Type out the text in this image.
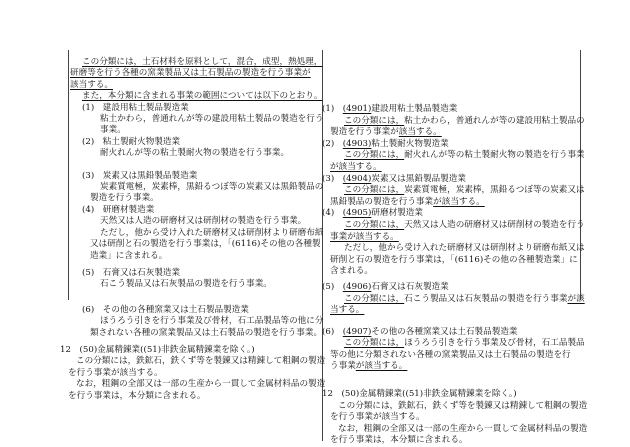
この分類には，土石材料を原料として，混合，成型，熱処理，

研磨等を行う各種の窯業製品又は土石製品の製造を行う事業が

該当する。

また，本分類に含まれる事業の範囲については以下のとおり。

(1)　建設用粘土製品製造業

粘土かわら，普通れんが等の建設用粘土製品の製造を行う

事業。

(2)　粘土製耐火物製造業

耐火れんが等の粘土製耐火物の製造を行う事業。

(3)　炭素又は黒鉛製品製造業

炭素質電極，炭素棒，黒鉛るつぼ等の炭素又は黒鉛製品の

製造を行う事業。

(4)　研磨材製造業

天然又は人造の研磨材又は研削材の製造を行う事業。

ただし，他から受け入れた研磨材又は研削材より研磨布紙

又は研削と石の製造を行う事業は，「(6116)その他の各種製

造業」に含まれる。

(5)　石膏又は石灰製造業

石こう製品又は石灰製品の製造を行う事業。

(6)　その他の各種窯業又は土石製品製造業

ほうろう引きを行う事業及び骨材，石工品製品等の他に分

類されない各種の窯業製品又は土石製品の製造を行う事業。

12　(50)金属精錬業((51)非鉄金属精錬業を除く。)

この分類には，鉄鉱石，鉄くず等を製錬又は精錬して粗鋼の製造

を行う事業が該当する。

なお，粗鋼の全部又は一部の生産から一貫して金属材料品の製造

を行う事業は，本分類に含まれる。

(1)　 (4901)建設用粘土製品製造業

この分類には，粘土かわら，普通れんが等の建設用粘土製品の

製造を行う事業が該当する。

(2)　 (4903)粘土製耐火物製造業

この分類には，耐火れんが等の粘土製耐火物の製造を行う事業

が該当する。

(3)　 (4904)炭素又は黒鉛製品製造業

この分類には，炭素質電極，炭素棒，黒鉛るつぼ等の炭素又は

黒鉛製品の製造を行う事業が該当する。

(4)　 (4905)研磨材製造業

この分類には，天然又は人造の研磨材又は研削材の製造を行う

事業が該当する。

ただし，他から受け入れた研磨材又は研削材より研磨布紙又は

研削と石の製造を行う事業は，「(6116)その他の各種製造業」に

含まれる。

(5)　 (4906)石膏又は石灰製造業

この分類には，石こう製品又は石灰製品の製造を行う事業が該

当する。

(6)　 (4907)その他の各種窯業又は土石製品製造業

この分類には，ほうろう引きを行う事業及び骨材，石工品製品

等の他に分類されない各種の窯業製品又は土石製品の製造を行

う事業が該当する。

12　(50)金属精錬業((51)非鉄金属精錬業を除く。)

この分類には，鉄鉱石，鉄くず等を製錬又は精錬して粗鋼の製造

を行う事業が該当する。

なお，粗鋼の全部又は一部の生産から一貫して金属材料品の製造

を行う事業は，本分類に含まれる。
